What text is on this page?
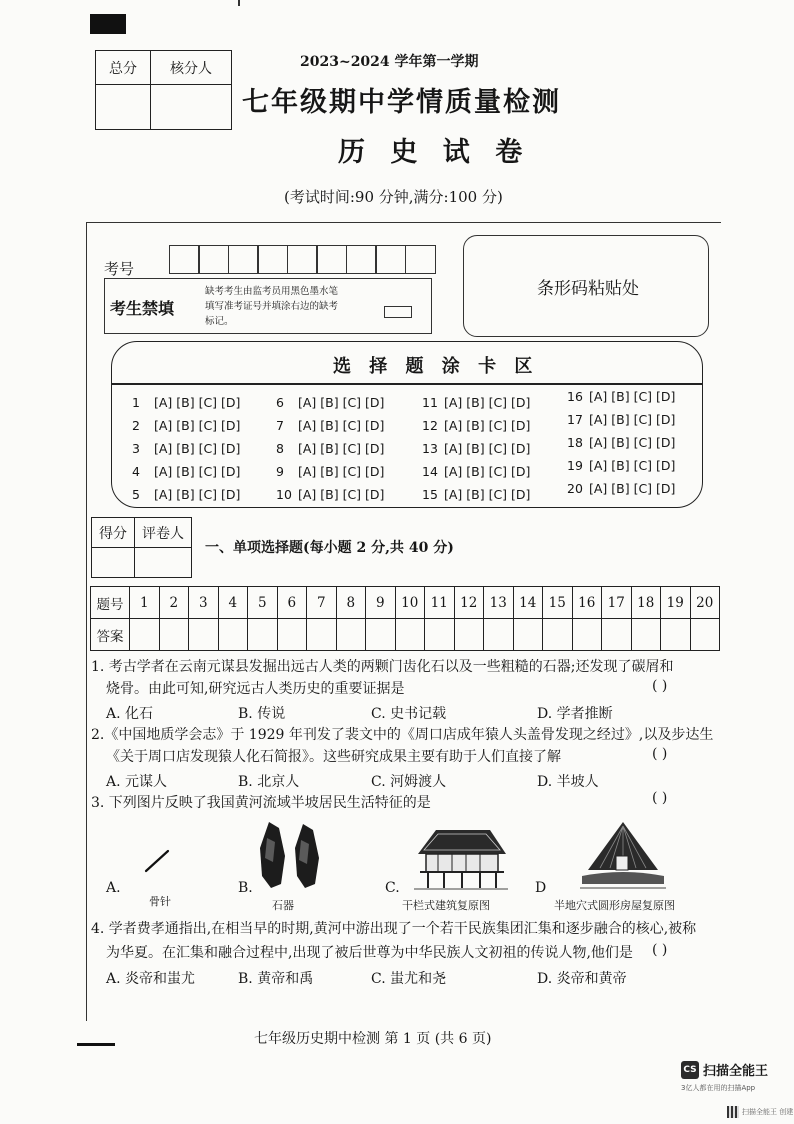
总分	核分人
		2023~2024 学年第一学期
七年级期中学情质量检测
历 史 试 卷
(考试时间:90 分钟,满分:100 分)
考号
考生禁填
缺考考生由监考员用黑色墨水笔填写准考证号并填涂右边的缺考标记。
条形码粘贴处
选 择 题 涂 卡 区
1 [A] [B] [C] [D]
2 [A] [B] [C] [D]
3 [A] [B] [C] [D]
4 [A] [B] [C] [D]
5 [A] [B] [C] [D]
6 [A] [B] [C] [D]
7 [A] [B] [C] [D]
8 [A] [B] [C] [D]
9 [A] [B] [C] [D]
10 [A] [B] [C] [D]
11 [A] [B] [C] [D]
12 [A] [B] [C] [D]
13 [A] [B] [C] [D]
14 [A] [B] [C] [D]
15 [A] [B] [C] [D]
16 [A] [B] [C] [D]
17 [A] [B] [C] [D]
18 [A] [B] [C] [D]
19 [A] [B] [C] [D]
20 [A] [B] [C] [D]
得分	评卷人

一、单项选择题(每小题 2 分,共 40 分)
题号	1	2	3	4	5	6	7	8	9	10	11	12	13	14	15	16	17	18	19	20
答案																				
1. 考古学者在云南元谋县发掘出远古人类的两颗门齿化石以及一些粗糙的石器;还发现了碳屑和
烧骨。由此可知,研究远古人类历史的重要证据是	( )
A. 化石	B. 传说	C. 史书记载	D. 学者推断
2.《中国地质学会志》于 1929 年刊发了裴文中的《周口店成年猿人头盖骨发现之经过》,以及步达生
《关于周口店发现猿人化石简报》。这些研究成果主要有助于人们直接了解	( )
A. 元谋人	B. 北京人	C. 河姆渡人	D. 半坡人
3. 下列图片反映了我国黄河流域半坡居民生活特征的是	( )
A.
骨针
B.
石器
C.
干栏式建筑复原图
D
半地穴式圆形房屋复原图
4. 学者费孝通指出,在相当早的时期,黄河中游出现了一个若干民族集团汇集和逐步融合的核心,被称
为华夏。在汇集和融合过程中,出现了被后世尊为中华民族人文初祖的传说人物,他们是 ( )
A. 炎帝和蚩尤	B. 黄帝和禹	C. 蚩尤和尧	D. 炎帝和黄帝
七年级历史期中检测 第 1 页 (共 6 页)
CS 扫描全能王
3亿人都在用的扫描App
扫描全能王 创建
